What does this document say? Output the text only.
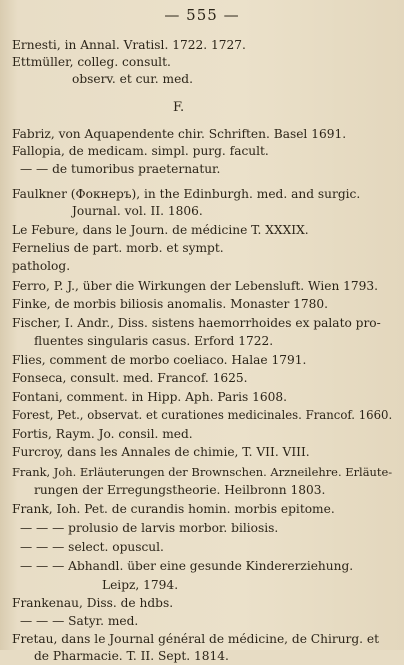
— 555 —
Ernesti, in Annal. Vratisl. 1722. 1727.
Ettmüller, colleg. consult.
observ. et cur. med.
F.
Fabriz, von Aquapendente chir. Schriften. Basel 1691.
Fallopia, de medicam. simpl. purg. facult.
— — de tumoribus praeternatur.
Faulkner (Фокнеръ), in the Edinburgh. med. and surgic.
Journal. vol. II. 1806.
Le Febure, dans le Journ. de médicine T. XXXIX.
Fernelius de part. morb. et sympt.
patholog.
Ferro, P. J., über die Wirkungen der Lebensluft. Wien 1793.
Finke, de morbis biliosis anomalis. Monaster 1780.
Fischer, I. Andr., Diss. sistens haemorrhoides ex palato pro-
fluentes singularis casus. Erford 1722.
Flies, comment de morbo coeliaco. Halae 1791.
Fonseca, consult. med. Francof. 1625.
Fontani, comment. in Hipp. Aph. Paris 1608.
Forest, Pet., observat. et curationes medicinales. Francof. 1660.
Fortis, Raym. Jo. consil. med.
Furcroy, dans les Annales de chimie, T. VII. VIII.
Frank, Joh. Erläuterungen der Brownschen. Arzneilehre. Erläute-
rungen der Erregungstheorie. Heilbronn 1803.
Frank, Ioh. Pet. de curandis homin. morbis epitome.
— — — prolusio de larvis morbor. biliosis.
— — — select. opuscul.
— — — Abhandl. über eine gesunde Kindererziehung.
Leipz, 1794.
Frankenau, Diss. de hdbs.
— — — Satyr. med.
Fretau, dans le Journal général de médicine, de Chirurg. et
de Pharmacie. T. II. Sept. 1814.
